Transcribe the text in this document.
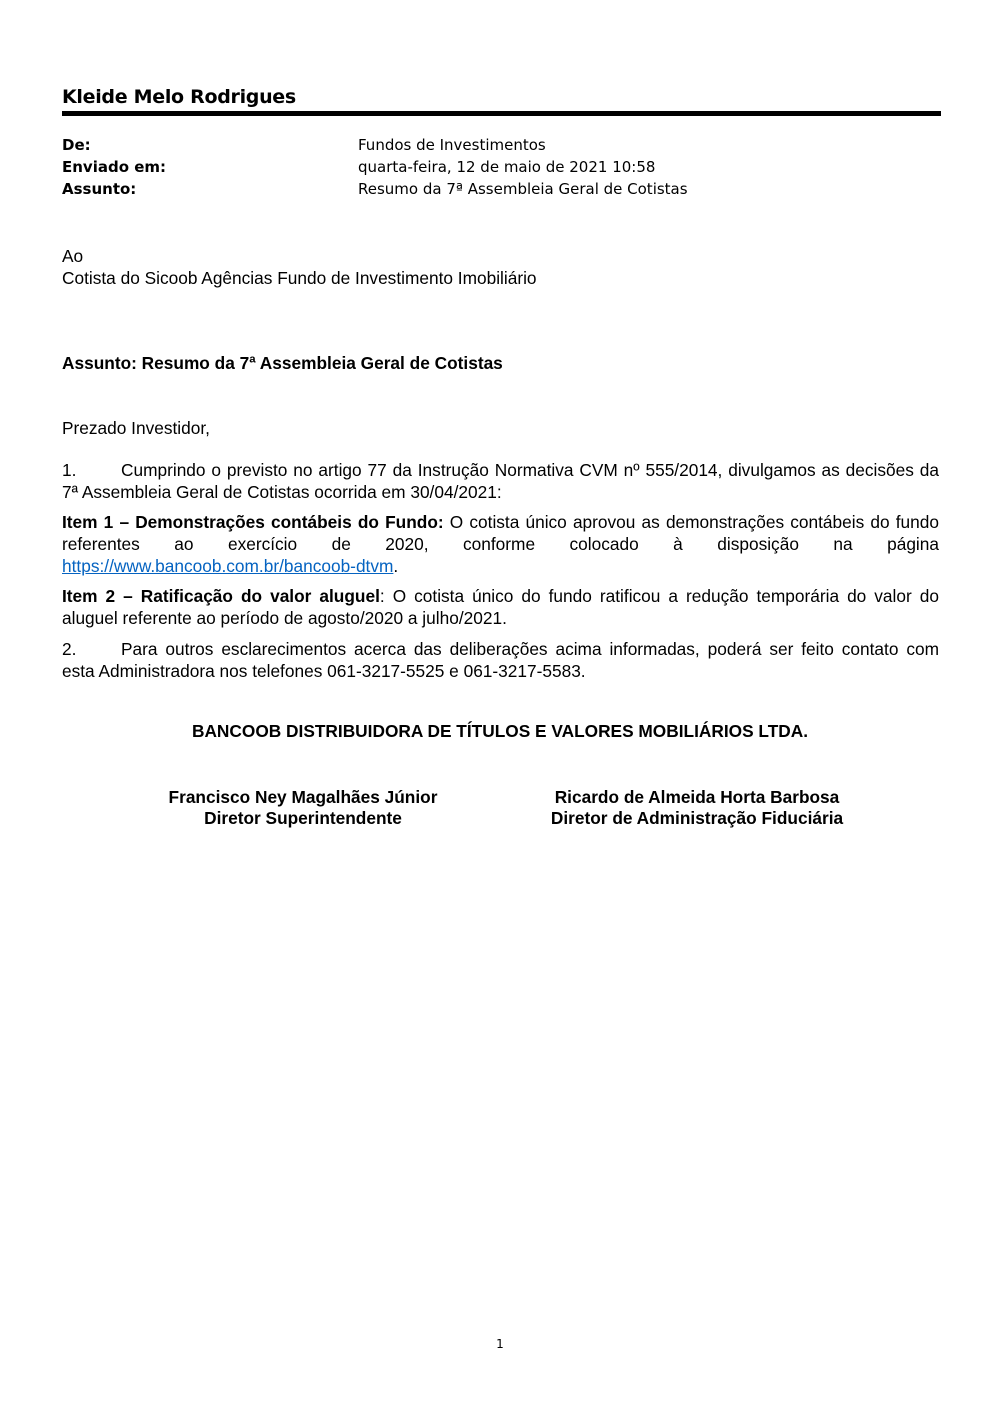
Kleide Melo Rodrigues
De:	Fundos de Investimentos
Enviado em:	quarta-feira, 12 de maio de 2021 10:58
Assunto:	Resumo da 7ª Assembleia Geral de Cotistas
Ao
Cotista do Sicoob Agências Fundo de Investimento Imobiliário
Assunto: Resumo da 7ª Assembleia Geral de Cotistas
Prezado Investidor,
1.	Cumprindo o previsto no artigo 77 da Instrução Normativa CVM nº 555/2014, divulgamos as decisões da 7ª Assembleia Geral de Cotistas ocorrida em 30/04/2021:
Item 1 – Demonstrações contábeis do Fundo: O cotista único aprovou as demonstrações contábeis do fundo referentes ao exercício de 2020, conforme colocado à disposição na página https://www.bancoob.com.br/bancoob-dtvm.
Item 2 – Ratificação do valor aluguel: O cotista único do fundo ratificou a redução temporária do valor do aluguel referente ao período de agosto/2020 a julho/2021.
2.	Para outros esclarecimentos acerca das deliberações acima informadas, poderá ser feito contato com esta Administradora nos telefones 061-3217-5525 e 061-3217-5583.
BANCOOB DISTRIBUIDORA DE TÍTULOS E VALORES MOBILIÁRIOS LTDA.
Francisco Ney Magalhães Júnior
Diretor Superintendente
Ricardo de Almeida Horta Barbosa
Diretor de Administração Fiduciária
1
